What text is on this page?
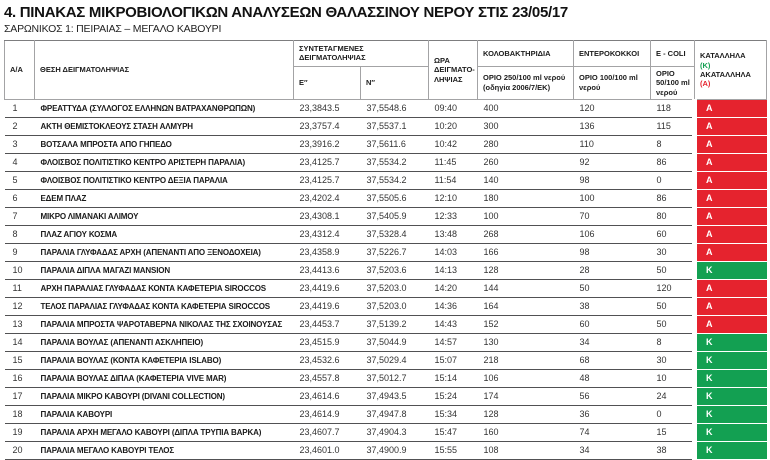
4. ΠΙΝΑΚΑΣ ΜΙΚΡΟΒΙΟΛΟΓΙΚΩΝ ΑΝΑΛΥΣΕΩΝ ΘΑΛΑΣΣΙΝΟΥ ΝΕΡΟΥ ΣΤΙΣ 23/05/17
ΣΑΡΩΝΙΚΟΣ 1: ΠΕΙΡΑΙΑΣ – ΜΕΓΑΛΟ ΚΑΒΟΥΡΙ
Α/Α	ΘΕΣΗ ΔΕΙΓΜΑΤΟΛΗΨΙΑΣ	ΣΥΝΤΕΤΑΓΜΕΝΕΣ ΔΕΙΓΜΑΤΟΛΗΨΙΑΣ		ΩΡΑ ΔΕΙΓΜΑΤΟ-ΛΗΨΙΑΣ	ΚΟΛΟΒΑΚΤΗΡΙΔΙΑ	ΕΝΤΕΡΟΚΟΚΚΟΙ	E - COLI	ΚΑΤΑΛΛΗΛΑ
(Κ)
ΑΚΑΤΑΛΛΗΛΑ
(Α)

		Ε″	Ν″		ΟΡΙΟ 250/100 ml νερού (οδηγία 2006/7/ΕΚ)	ΟΡΙΟ 100/100 ml νερού	ΟΡΙΟ 50/100 ml νερού	
1	ΦΡΕΑΤΤΥΔΑ (ΣΥΛΛΟΓΟΣ ΕΛΛΗΝΩΝ ΒΑΤΡΑΧΑΝΘΡΩΠΩΝ)	23,3843.5	37,5548.6	09:40	400	120	118	Α
2	ΑΚΤΗ ΘΕΜΙΣΤΟΚΛΕΟΥΣ ΣΤΑΣΗ ΑΛΜΥΡΗ	23,3757.4	37,5537.1	10:20	300	136	115	Α
3	ΒΟΤΣΑΛΑ ΜΠΡΟΣΤΑ ΑΠΟ ΓΗΠΕΔΟ	23,3916.2	37,5611.6	10:42	280	110	8	Α
4	ΦΛΟΙΣΒΟΣ ΠΟΛΙΤΙΣΤΙΚΟ ΚΕΝΤΡΟ ΑΡΙΣΤΕΡΗ ΠΑΡΑΛΙΑ)	23,4125.7	37,5534.2	11:45	260	92	86	Α
5	ΦΛΟΙΣΒΟΣ ΠΟΛΙΤΙΣΤΙΚΟ ΚΕΝΤΡΟ ΔΕΞΙΑ ΠΑΡΑΛΙΑ	23,4125.7	37,5534.2	11:54	140	98	0	Α
6	ΕΔΕΜ ΠΛΑΖ	23,4202.4	37,5505.6	12:10	180	100	86	Α
7	ΜΙΚΡΟ ΛΙΜΑΝΑΚΙ ΑΛΙΜΟΥ	23,4308.1	37,5405.9	12:33	100	70	80	Α
8	ΠΛΑΖ ΑΓΙΟΥ ΚΟΣΜΑ	23,4312.4	37,5328.4	13:48	268	106	60	Α
9	ΠΑΡΑΛΙΑ ΓΛΥΦΑΔΑΣ ΑΡΧΗ (ΑΠΕΝΑΝΤΙ ΑΠΟ ΞΕΝΟΔΟΧΕΙΑ)	23,4358.9	37,5226.7	14:03	166	98	30	Α
10	ΠΑΡΑΛΙΑ ΔΙΠΛΑ ΜΑΓΑΖΙ MANSION	23,4413.6	37,5203.6	14:13	128	28	50	Κ
11	ΑΡΧΗ ΠΑΡΑΛΙΑΣ ΓΛΥΦΑΔΑΣ ΚΟΝΤΑ ΚΑΦΕΤΕΡΙΑ SIROCCOS	23,4419.6	37,5203.0	14:20	144	50	120	Α
12	ΤΕΛΟΣ ΠΑΡΑΛΙΑΣ ΓΛΥΦΑΔΑΣ ΚΟΝΤΑ ΚΑΦΕΤΕΡΙΑ SIROCCOS	23,4419.6	37,5203.0	14:36	164	38	50	Α
13	ΠΑΡΑΛΙΑ ΜΠΡΟΣΤΑ ΨΑΡΟΤΑΒΕΡΝΑ ΝΙΚΟΛΑΣ ΤΗΣ ΣΧΟΙΝΟΥΣΑΣ	23,4453.7	37,5139.2	14:43	152	60	50	Α
14	ΠΑΡΑΛΙΑ ΒΟΥΛΑΣ (ΑΠΕΝΑΝΤΙ ΑΣΚΛΗΠΕΙΟ)	23,4515.9	37,5044.9	14:57	130	34	8	Κ
15	ΠΑΡΑΛΙΑ ΒΟΥΛΑΣ (ΚΟΝΤΑ ΚΑΦΕΤΕΡΙΑ ISLABO)	23,4532.6	37,5029.4	15:07	218	68	30	Κ
16	ΠΑΡΑΛΙΑ ΒΟΥΛΑΣ ΔΙΠΛΑ (ΚΑΦΕΤΕΡΙΑ VIVE MAR)	23,4557.8	37,5012.7	15:14	106	48	10	Κ
17	ΠΑΡΑΛΙΑ ΜΙΚΡΟ ΚΑΒΟΥΡΙ (DIVANI COLLECTION)	23,4614.6	37,4943.5	15:24	174	56	24	Κ
18	ΠΑΡΑΛΙΑ ΚΑΒΟΥΡΙ	23,4614.9	37,4947.8	15:34	128	36	0	Κ
19	ΠΑΡΑΛΙΑ ΑΡΧΗ ΜΕΓΑΛΟ ΚΑΒΟΥΡΙ (ΔΙΠΛΑ ΤΡΥΠΙΑ ΒΑΡΚΑ)	23,4607.7	37,4904.3	15:47	160	74	15	Κ
20	ΠΑΡΑΛΙΑ ΜΕΓΑΛΟ ΚΑΒΟΥΡΙ ΤΕΛΟΣ	23,4601.0	37,4900.9	15:55	108	34	38	Κ
